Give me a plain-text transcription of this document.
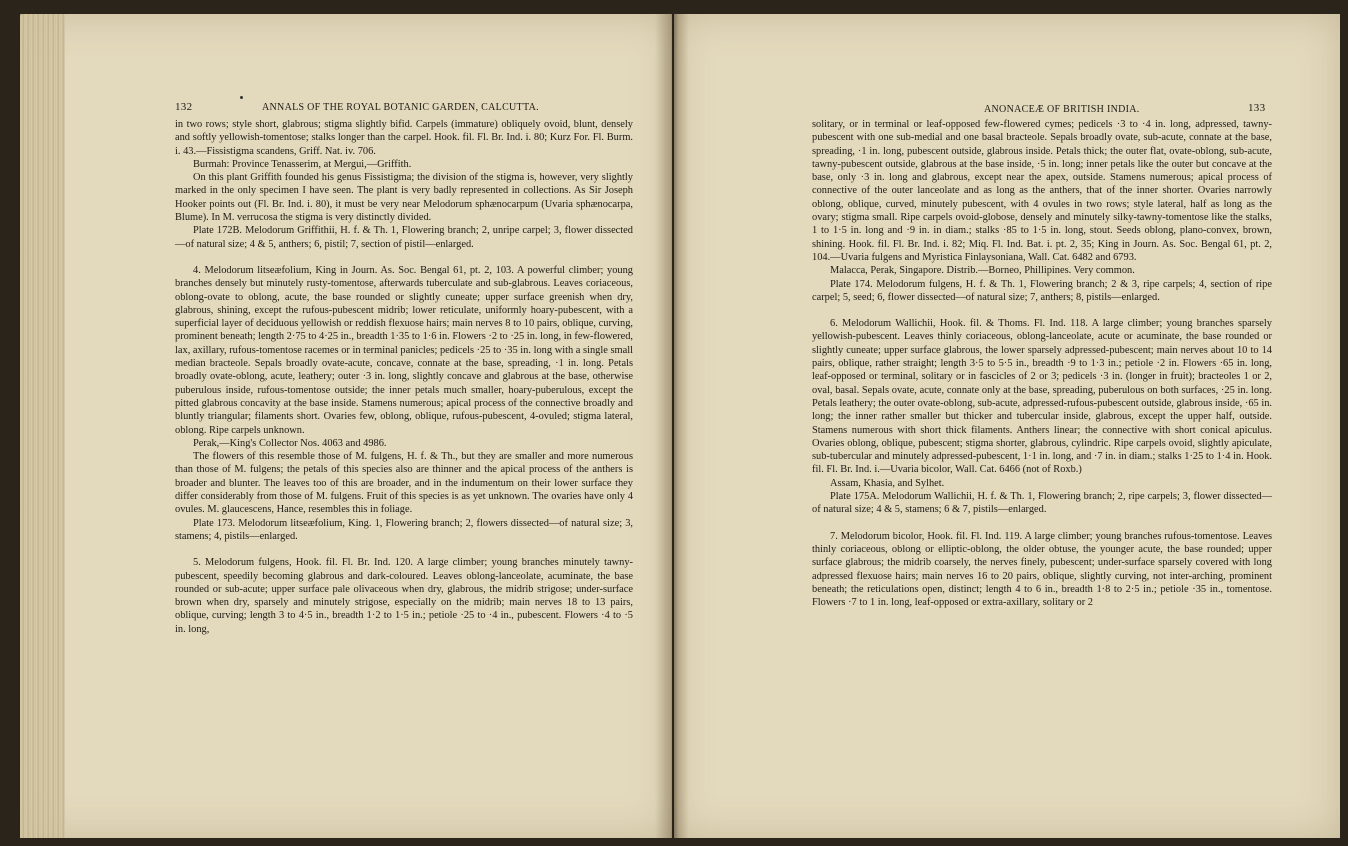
132	ANNALS OF THE ROYAL BOTANIC GARDEN, CALCUTTA.	ANONACEÆ OF BRITISH INDIA.	133

in two rows; style short, glabrous; stigma slightly bifid. Carpels (immature) obliquely ovoid, blunt, densely and softly yellowish-tomentose; stalks longer than the carpel. Hook. fil. Fl. Br. Ind. i. 80; Kurz For. Fl. Burm. i. 43.—Fissistigma scandens, Griff. Nat. iv. 706.

Burmah: Province Tenasserim, at Mergui,—Griffith.

On this plant Griffith founded his genus Fissistigma; the division of the stigma is, however, very slightly marked in the only specimen I have seen. The plant is very badly represented in collections. As Sir Joseph Hooker points out (Fl. Br. Ind. i. 80), it must be very near Melodorum sphænocarpum (Uvaria sphænocarpa, Blume). In M. verrucosa the stigma is very distinctly divided.

Plate 172B. Melodorum Griffithii, H. f. & Th. 1, Flowering branch; 2, unripe carpel; 3, flower dissected—of natural size; 4 & 5, anthers; 6, pistil; 7, section of pistil—enlarged.

4. Melodorum litseæfolium, King in Journ. As. Soc. Bengal 61, pt. 2, 103. A powerful climber; young branches densely but minutely rusty-tomentose, afterwards tuberculate and sub-glabrous. Leaves coriaceous, oblong-ovate to oblong, acute, the base rounded or slightly cuneate; upper surface greenish when dry, glabrous, shining, except the rufous-pubescent midrib; lower reticulate, uniformly hoary-pubescent, with a superficial layer of deciduous yellowish or reddish flexuose hairs; main nerves 8 to 10 pairs, oblique, curving, prominent beneath; length 2·75 to 4·25 in., breadth 1·35 to 1·6 in. Flowers ·2 to ·25 in. long, in few-flowered, lax, axillary, rufous-tomentose racemes or in terminal panicles; pedicels ·25 to ·35 in. long with a single small median bracteole. Sepals broadly ovate-acute, concave, connate at the base, spreading, ·1 in. long. Petals broadly ovate-oblong, acute, leathery; outer ·3 in. long, slightly concave and glabrous at the base, otherwise puberulous inside, rufous-tomentose outside; the inner petals much smaller, hoary-puberulous, except the pitted glabrous concavity at the base inside. Stamens numerous; apical process of the connective broadly and bluntly triangular; filaments short. Ovaries few, oblong, oblique, rufous-pubescent, 4-ovuled; stigma lateral, oblong. Ripe carpels unknown.

Perak,—King's Collector Nos. 4063 and 4986.

The flowers of this resemble those of M. fulgens, H. f. & Th., but they are smaller and more numerous than those of M. fulgens; the petals of this species also are thinner and the apical process of the anthers is broader and blunter. The leaves too of this are broader, and in the indumentum on their lower surface they differ considerably from those of M. fulgens. Fruit of this species is as yet unknown. The ovaries have only 4 ovules. M. glaucescens, Hance, resembles this in foliage.

Plate 173. Melodorum litseæfolium, King. 1, Flowering branch; 2, flowers dissected—of natural size; 3, stamens; 4, pistils—enlarged.

5. Melodorum fulgens, Hook. fil. Fl. Br. Ind. 120. A large climber; young branches minutely tawny-pubescent, speedily becoming glabrous and dark-coloured. Leaves oblong-lanceolate, acuminate, the base rounded or sub-acute; upper surface pale olivaceous when dry, glabrous, the midrib strigose; under-surface brown when dry, sparsely and minutely strigose, especially on the midrib; main nerves 18 to 13 pairs, oblique, curving; length 3 to 4·5 in., breadth 1·2 to 1·5 in.; petiole ·25 to ·4 in., pubescent. Flowers ·4 to ·5 in. long,

solitary, or in terminal or leaf-opposed few-flowered cymes; pedicels ·3 to ·4 in. long, adpressed, tawny-pubescent with one sub-medial and one basal bracteole. Sepals broadly ovate, sub-acute, connate at the base, spreading, ·1 in. long, pubescent outside, glabrous inside. Petals thick; the outer flat, ovate-oblong, sub-acute, tawny-pubescent outside, glabrous at the base inside, ·5 in. long; inner petals like the outer but concave at the base, only ·3 in. long and glabrous, except near the apex, outside. Stamens numerous; apical process of connective of the outer lanceolate and as long as the anthers, that of the inner shorter. Ovaries narrowly oblong, oblique, curved, minutely pubescent, with 4 ovules in two rows; style lateral, half as long as the ovary; stigma small. Ripe carpels ovoid-globose, densely and minutely silky-tawny-tomentose like the stalks, 1 to 1·5 in. long and ·9 in. in diam.; stalks ·85 to 1·5 in. long, stout. Seeds oblong, plano-convex, brown, shining. Hook. fil. Fl. Br. Ind. i. 82; Miq. Fl. Ind. Bat. i. pt. 2, 35; King in Journ. As. Soc. Bengal 61, pt. 2, 104.—Uvaria fulgens and Myristica Finlaysoniana, Wall. Cat. 6482 and 6793.

Malacca, Perak, Singapore. Distrib.—Borneo, Phillipines. Very common.

Plate 174. Melodorum fulgens, H. f. & Th. 1, Flowering branch; 2 & 3, ripe carpels; 4, section of ripe carpel; 5, seed; 6, flower dissected—of natural size; 7, anthers; 8, pistils—enlarged.

6. Melodorum Wallichii, Hook. fil. & Thoms. Fl. Ind. 118. A large climber; young branches sparsely yellowish-pubescent. Leaves thinly coriaceous, oblong-lanceolate, acute or acuminate, the base rounded or slightly cuneate; upper surface glabrous, the lower sparsely adpressed-pubescent; main nerves about 10 to 14 pairs, oblique, rather straight; length 3·5 to 5·5 in., breadth ·9 to 1·3 in.; petiole ·2 in. Flowers ·65 in. long, leaf-opposed or terminal, solitary or in fascicles of 2 or 3; pedicels ·3 in. (longer in fruit); bracteoles 1 or 2, oval, basal. Sepals ovate, acute, connate only at the base, spreading, puberulous on both surfaces, ·25 in. long. Petals leathery; the outer ovate-oblong, sub-acute, adpressed-rufous-pubescent outside, glabrous inside, ·65 in. long; the inner rather smaller but thicker and tubercular inside, glabrous, except the upper half, outside. Stamens numerous with short thick filaments. Anthers linear; the connective with short conical apiculus. Ovaries oblong, oblique, pubescent; stigma shorter, glabrous, cylindric. Ripe carpels ovoid, slightly apiculate, sub-tubercular and minutely adpressed-pubescent, 1·1 in. long, and ·7 in. in diam.; stalks 1·25 to 1·4 in. Hook. fil. Fl. Br. Ind. i.—Uvaria bicolor, Wall. Cat. 6466 (not of Roxb.)

Assam, Khasia, and Sylhet.

Plate 175A. Melodorum Wallichii, H. f. & Th. 1, Flowering branch; 2, ripe carpels; 3, flower dissected—of natural size; 4 & 5, stamens; 6 & 7, pistils—enlarged.

7. Melodorum bicolor, Hook. fil. Fl. Ind. 119. A large climber; young branches rufous-tomentose. Leaves thinly coriaceous, oblong or elliptic-oblong, the older obtuse, the younger acute, the base rounded; upper surface glabrous; the midrib coarsely, the nerves finely, pubescent; under-surface sparsely covered with long adpressed flexuose hairs; main nerves 16 to 20 pairs, oblique, slightly curving, not inter-arching, prominent beneath; the reticulations open, distinct; length 4 to 6 in., breadth 1·8 to 2·5 in.; petiole ·35 in., tomentose. Flowers ·7 to 1 in. long, leaf-opposed or extra-axillary, solitary or 2
